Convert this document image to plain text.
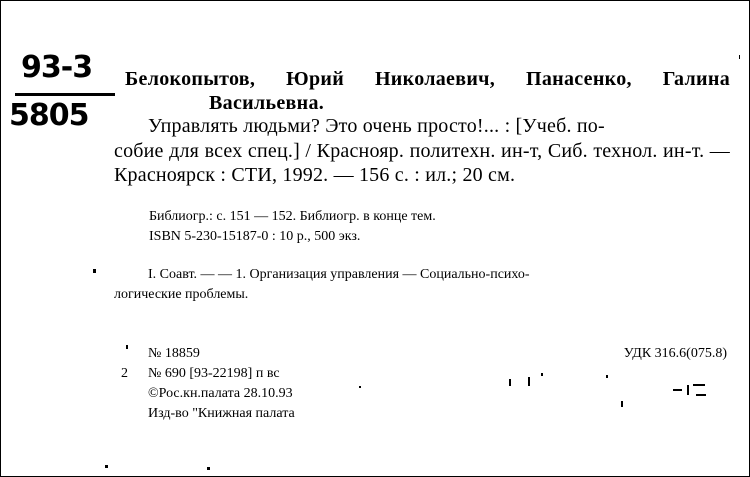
93-3
5805
Белокопытов, Юрий Николаевич, Панасенко, Галина
Васильевна.
Управлять людьми? Это очень просто!... : [Учеб. по-
собие для всех спец.] / Краснояр. политехн. ин-т, Сиб. технол. ин-т. — Красноярск : СТИ, 1992. — 156 с. : ил.; 20 см.
Библиогр.: с. 151 — 152. Библиогр. в конце тем.
ISBN 5-230-15187-0 : 10 р., 500 экз.
I. Соавт. — — 1. Организация управления — Социально-психо-
логические проблемы.
№ 18859
2	№ 690 [93-22198] п вс
©Рос.кн.палата 28.10.93
Изд-во "Книжная палата
УДК 316.6(075.8)
